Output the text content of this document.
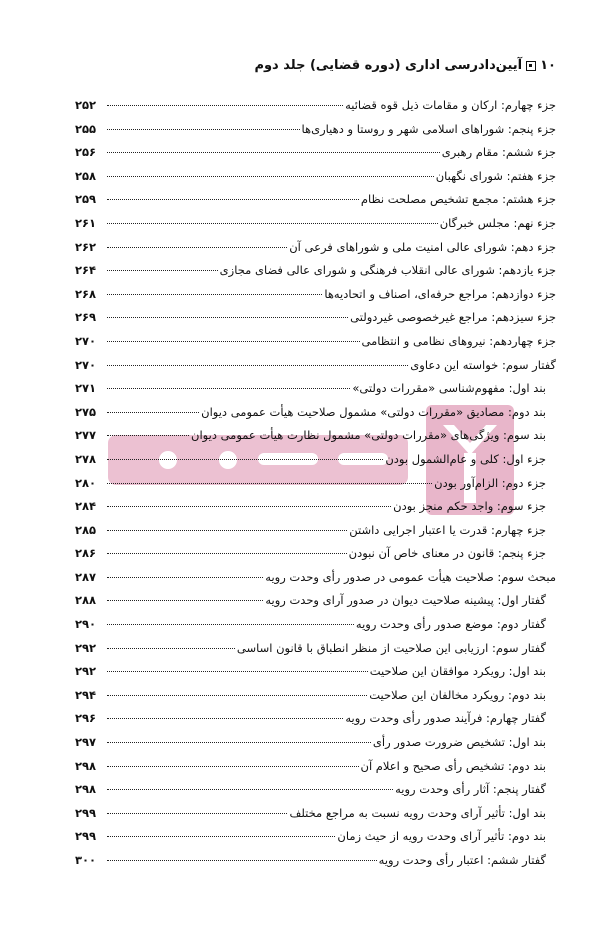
۱۰
آیین‌دادرسی اداری (دوره قضایی) جلد دوم
جزء چهارم: ارکان و مقامات ذیل قوه قضائیه
۲۵۲
جزء پنجم: شوراهای اسلامی شهر و روستا و دهیاری‌ها
۲۵۵
جزء ششم: مقام رهبری
۲۵۶
جزء هفتم: شورای نگهبان
۲۵۸
جزء هشتم: مجمع تشخیص مصلحت نظام
۲۵۹
جزء نهم: مجلس خبرگان
۲۶۱
جزء دهم: شورای عالی امنیت ملی و شوراهای فرعی آن
۲۶۲
جزء یازدهم: شورای عالی انقلاب فرهنگی و شورای عالی فضای مجازی
۲۶۴
جزء دوازدهم: مراجع حرفه‌ای، اصناف و اتحادیه‌ها
۲۶۸
جزء سیزدهم: مراجع غیرخصوصی غیردولتی
۲۶۹
جزء چهاردهم: نیروهای نظامی و انتظامی
۲۷۰
گفتار سوم: خواسته این دعاوی
۲۷۰
بند اول: مفهوم‌شناسی «مقررات دولتی»
۲۷۱
بند دوم: مصادیق «مقررات دولتی» مشمول صلاحیت هیأت عمومی دیوان
۲۷۵
بند سوم: ویژگی‌های «مقررات دولتی» مشمول نظارت هیأت عمومی دیوان
۲۷۷
جزء اول: کلی و عام‌الشمول بودن
۲۷۸
جزء دوم: الزام‌آور بودن
۲۸۰
جزء سوم: واجد حکم منجز بودن
۲۸۴
جزء چهارم: قدرت یا اعتبار اجرایی داشتن
۲۸۵
جزء پنجم: قانون در معنای خاص آن نبودن
۲۸۶
مبحث سوم: صلاحیت هیأت عمومی در صدور رأی وحدت رویه
۲۸۷
گفتار اول: پیشینه صلاحیت دیوان در صدور آرای وحدت رویه
۲۸۸
گفتار دوم: موضع صدور رأی وحدت رویه
۲۹۰
گفتار سوم: ارزیابی این صلاحیت از منظر انطباق با قانون اساسی
۲۹۲
بند اول: رویکرد موافقان این صلاحیت
۲۹۲
بند دوم: رویکرد مخالفان این صلاحیت
۲۹۴
گفتار چهارم: فرآیند صدور رأی وحدت رویه
۲۹۶
بند اول: تشخیص ضرورت صدور رأی
۲۹۷
بند دوم: تشخیص رأی صحیح و اعلام آن
۲۹۸
گفتار پنجم: آثار رأی وحدت رویه
۲۹۸
بند اول: تأثیر آرای وحدت رویه نسبت به مراجع مختلف
۲۹۹
بند دوم: تأثیر آرای وحدت رویه از حیث زمان
۲۹۹
گفتار ششم: اعتبار رأی وحدت رویه
۳۰۰
